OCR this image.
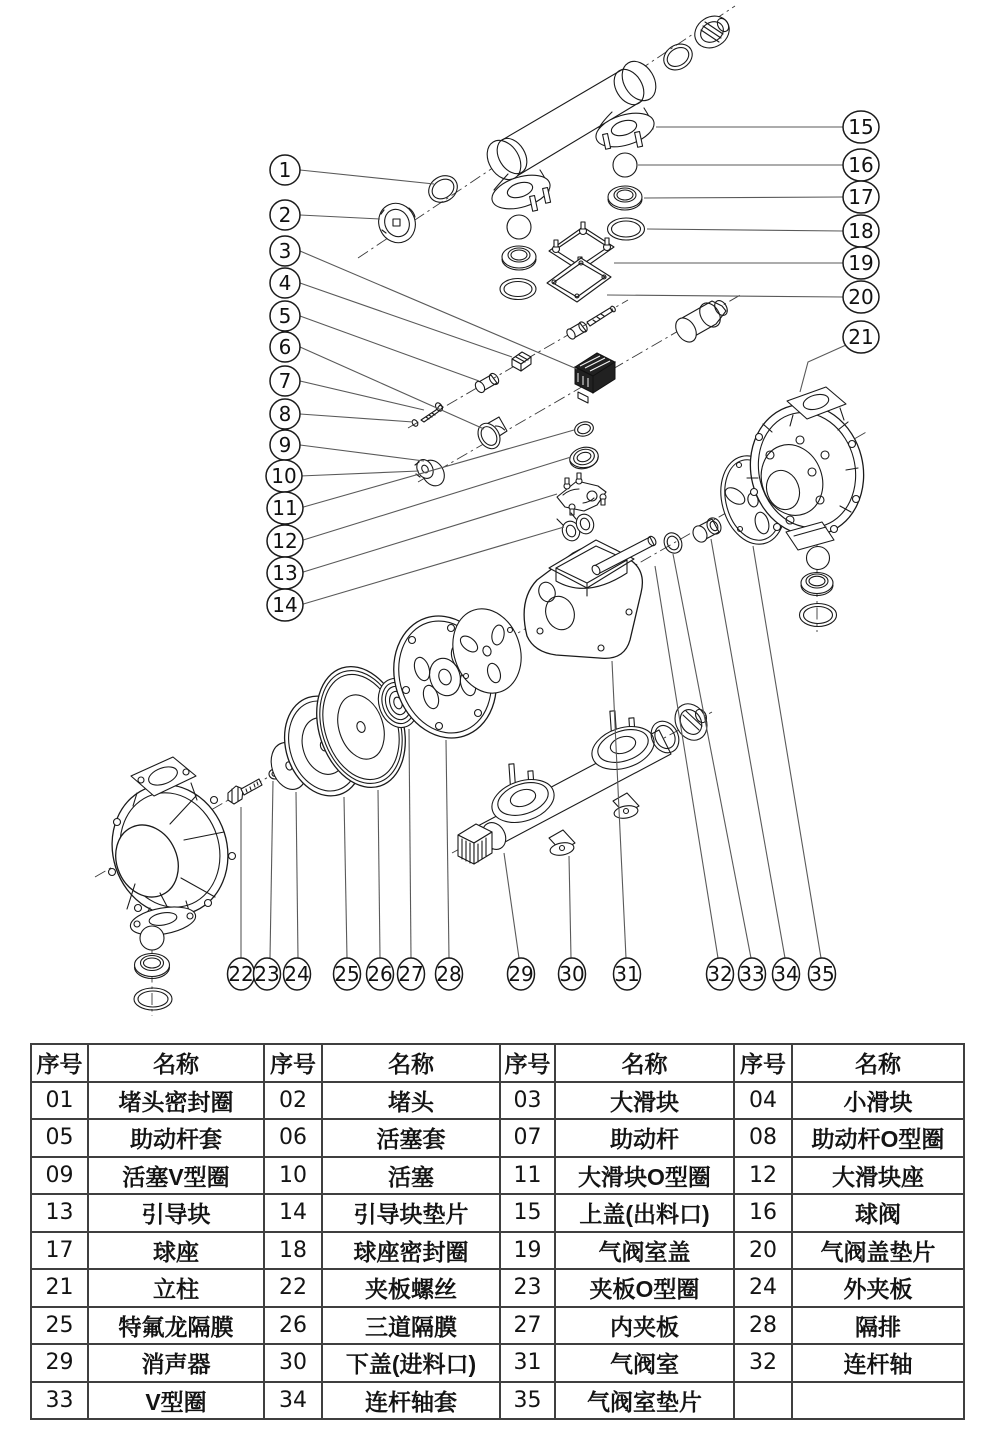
1
2
3
4
5
6
7
8
9
10
11
12
13
14
15
16
17
18
19
20
21
22 23 24 25 26 27 28 29 30 31	32 33 34 35
序号	名称	序号	名称	序号	名称	序号	名称
01	堵头密封圈	02	堵头	03	大滑块	04	小滑块
05	助动杆套	06	活塞套	07	助动杆	08	助动杆O型圈
09	活塞V型圈	10	活塞	11	大滑块O型圈	12	大滑块座
13	引导块	14	引导块垫片	15	上盖(出料口)	16	球阀
17	球座	18	球座密封圈	19	气阀室盖	20	气阀盖垫片
21	立柱	22	夹板螺丝	23	夹板O型圈	24	外夹板
25	特氟龙隔膜	26	三道隔膜	27	内夹板	28	隔排
29	消声器	30	下盖(进料口)	31	气阀室	32	连杆轴
33	V型圈	34	连杆轴套	35	气阀室垫片		
